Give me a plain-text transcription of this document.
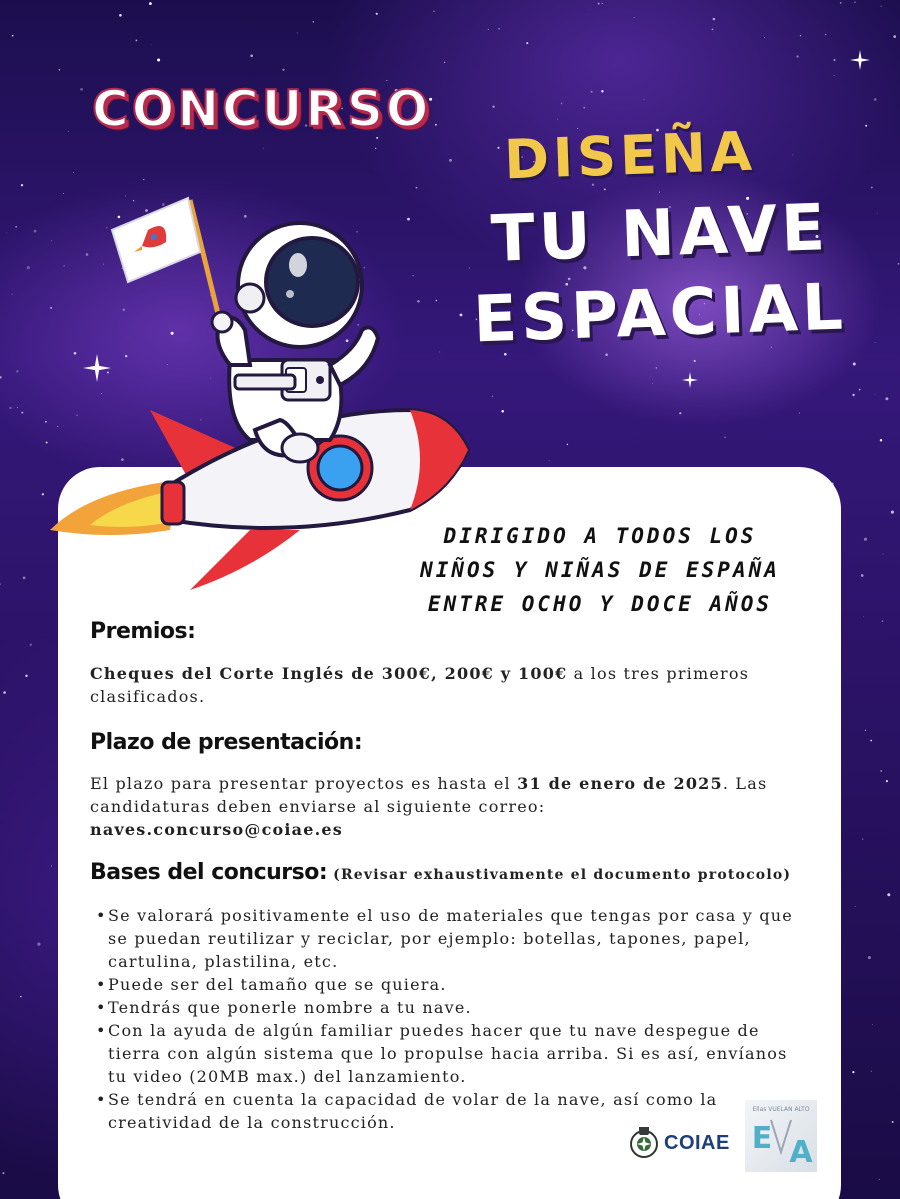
CONCURSO
DISEÑA
TU NAVE
ESPACIAL
DIRIGIDO A TODOS LOS
NIÑOS Y NIÑAS DE ESPAÑA
ENTRE OCHO Y DOCE AÑOS
Premios:

Cheques del Corte Inglés de 300€, 200€ y 100€ a los tres primeros clasificados.

Plazo de presentación:

El plazo para presentar proyectos es hasta el 31 de enero de 2025. Las candidaturas deben enviarse al siguiente correo:
naves.concurso@coiae.es

Bases del concurso: (Revisar exhaustivamente el documento protocolo)
• Se valorará positivamente el uso de materiales que tengas por casa y que se puedan reutilizar y reciclar, por ejemplo: botellas, tapones, papel, cartulina, plastilina, etc.
• Puede ser del tamaño que se quiera.
• Tendrás que ponerle nombre a tu nave.
• Con la ayuda de algún familiar puedes hacer que tu nave despegue de tierra con algún sistema que lo propulse hacia arriba. Si es así, envíanos tu video (20MB max.) del lanzamiento.
• Se tendrá en cuenta la capacidad de volar de la nave, así como la creatividad de la construcción.
COIAE
Ellas VUELAN ALTO
E A
